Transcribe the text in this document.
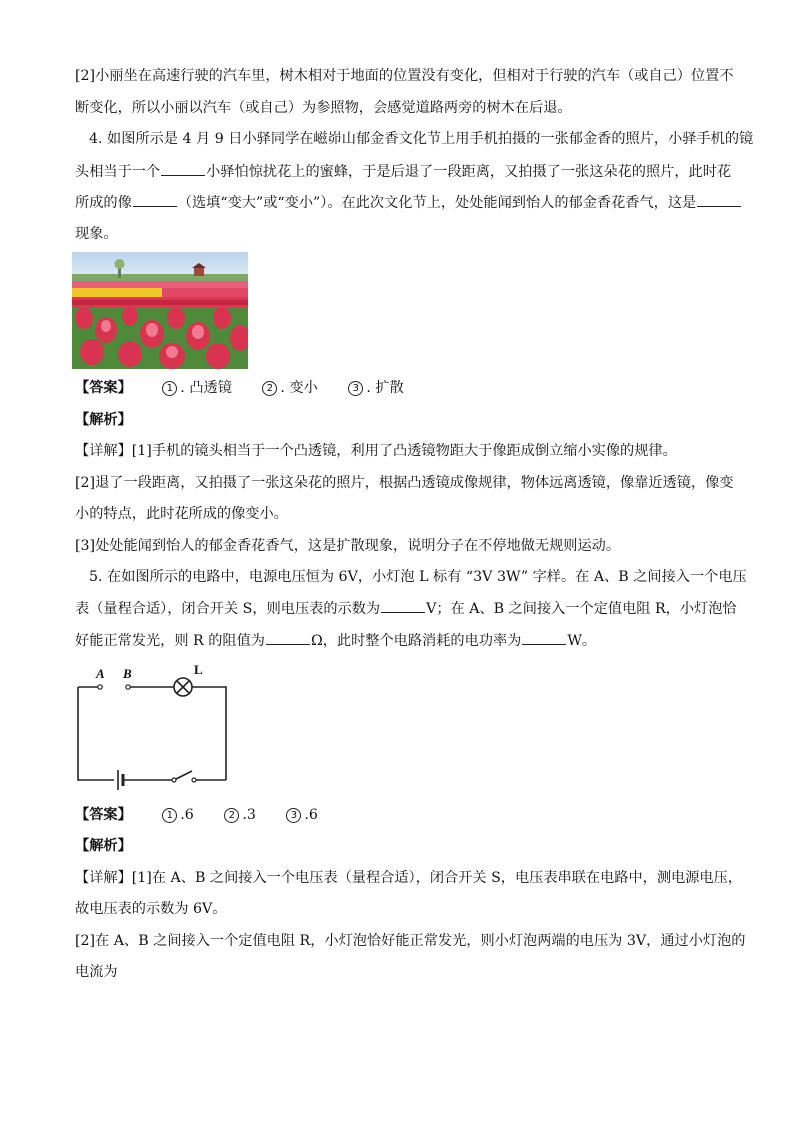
[2]小丽坐在高速行驶的汽车里，树木相对于地面的位置没有变化，但相对于行驶的汽车（或自己）位置不
断变化，所以小丽以汽车（或自己）为参照物，会感觉道路两旁的树木在后退。
4. 如图所示是 4 月 9 日小驿同学在嵫峁山郁金香文化节上用手机拍摄的一张郁金香的照片，小驿手机的镜
头相当于一个	小驿怕惊扰花上的蜜蜂，于是后退了一段距离，又拍摄了一张这朵花的照片，此时花
所成的像	（选填“变大”或“变小”）。在此次文化节上，处处能闻到怡人的郁金香花香气，这是
现象。
【答案】	1 . 凸透镜	2 . 变小	3 . 扩散
【解析】
【详解】[1]手机的镜头相当于一个凸透镜，利用了凸透镜物距大于像距成倒立缩小实像的规律。
[2]退了一段距离，又拍摄了一张这朵花的照片，根据凸透镜成像规律，物体远离透镜，像靠近透镜，像变
小的特点，此时花所成的像变小。
[3]处处能闻到怡人的郁金香花香气，这是扩散现象，说明分子在不停地做无规则运动。
5. 在如图所示的电路中，电源电压恒为 6V，小灯泡 L 标有 “3V 3W” 字样。在 A、B 之间接入一个电压
表（量程合适），闭合开关 S，则电压表的示数为	V；在 A、B 之间接入一个定值电阻 R，小灯泡恰
好能正常发光，则 R 的阻值为	Ω，此时整个电路消耗的电功率为	W。
A B	L
【答案】	1 .6	2 .3	3 .6
【解析】
【详解】[1]在 A、B 之间接入一个电压表（量程合适），闭合开关 S，电压表串联在电路中，测电源电压，
故电压表的示数为 6V。
[2]在 A、B 之间接入一个定值电阻 R，小灯泡恰好能正常发光，则小灯泡两端的电压为 3V，通过小灯泡的
电流为
